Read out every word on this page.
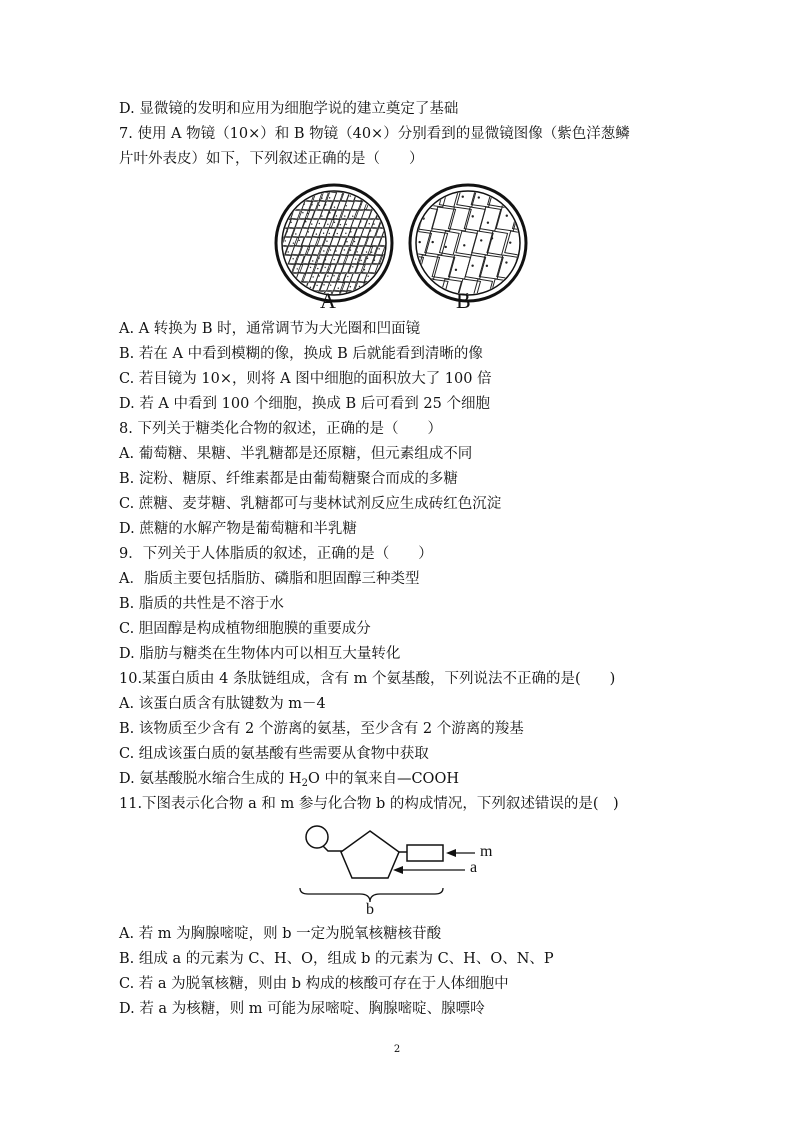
D. 显微镜的发明和应用为细胞学说的建立奠定了基础
7. 使用 A 物镜（10×）和 B 物镜（40×）分别看到的显微镜图像（紫色洋葱鳞
片叶外表皮）如下，下列叙述正确的是（　　）
A	B
A. A 转换为 B 时，通常调节为大光圈和凹面镜
B. 若在 A 中看到模糊的像，换成 B 后就能看到清晰的像
C. 若目镜为 10×，则将 A 图中细胞的面积放大了 100 倍
D. 若 A 中看到 100 个细胞，换成 B 后可看到 25 个细胞
8. 下列关于糖类化合物的叙述，正确的是（　　）
A. 葡萄糖、果糖、半乳糖都是还原糖，但元素组成不同
B. 淀粉、糖原、纤维素都是由葡萄糖聚合而成的多糖
C. 蔗糖、麦芽糖、乳糖都可与斐林试剂反应生成砖红色沉淀
D. 蔗糖的水解产物是葡萄糖和半乳糖
9．下列关于人体脂质的叙述，正确的是（　　）
A．脂质主要包括脂肪、磷脂和胆固醇三种类型
B. 脂质的共性是不溶于水
C. 胆固醇是构成植物细胞膜的重要成分
D. 脂肪与糖类在生物体内可以相互大量转化
10.某蛋白质由 4 条肽链组成，含有 m 个氨基酸，下列说法不正确的是(　　)
A. 该蛋白质含有肽键数为 m－4
B. 该物质至少含有 2 个游离的氨基，至少含有 2 个游离的羧基
C. 组成该蛋白质的氨基酸有些需要从食物中获取
D. 氨基酸脱水缩合生成的 $H_2O$ 中的氧来自—COOH
11.下图表示化合物 a 和 m 参与化合物 b 的构成情况，下列叙述错误的是(　)
m
a
b
A. 若 m 为胸腺嘧啶，则 b 一定为脱氧核糖核苷酸
B. 组成 a 的元素为 C、H、O，组成 b 的元素为 C、H、O、N、P
C. 若 a 为脱氧核糖，则由 b 构成的核酸可存在于人体细胞中
D. 若 a 为核糖，则 m 可能为尿嘧啶、胸腺嘧啶、腺嘌呤
2
